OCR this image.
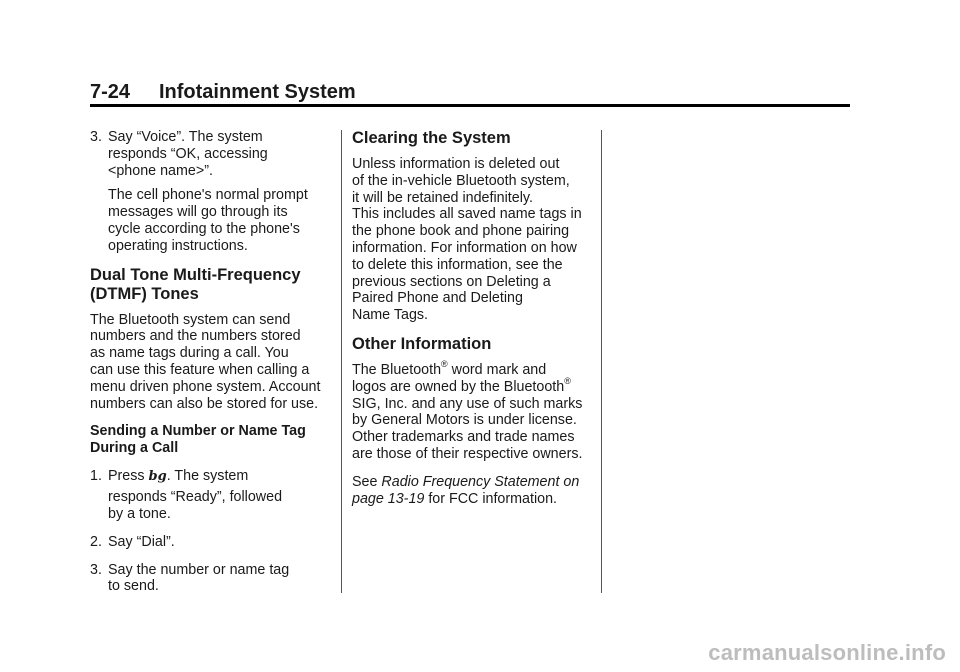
7-24 Infotainment System
3. Say “Voice”. The system

responds “OK, accessing

<phone name>”.

The cell phone's normal prompt

messages will go through its

cycle according to the phone's

operating instructions.

Dual Tone Multi-Frequency
(DTMF) Tones

The Bluetooth system can send

numbers and the numbers stored

as name tags during a call. You

can use this feature when calling a

menu driven phone system. Account

numbers can also be stored for use.

Sending a Number or Name Tag
During a Call
1. Press bg. The system

responds “Ready”, followed

by a tone.

2. Say “Dial”.

3. Say the number or name tag

to send.

Clearing the System

Unless information is deleted out

of the in-vehicle Bluetooth system,

it will be retained indefinitely.

This includes all saved name tags in

the phone book and phone pairing

information. For information on how

to delete this information, see the

previous sections on Deleting a

Paired Phone and Deleting

Name Tags.

Other Information

The Bluetooth® word mark and

logos are owned by the Bluetooth®

SIG, Inc. and any use of such marks

by General Motors is under license.

Other trademarks and trade names

are those of their respective owners.

See Radio Frequency Statement on

page 13-19 for FCC information.

carmanualsonline.info
